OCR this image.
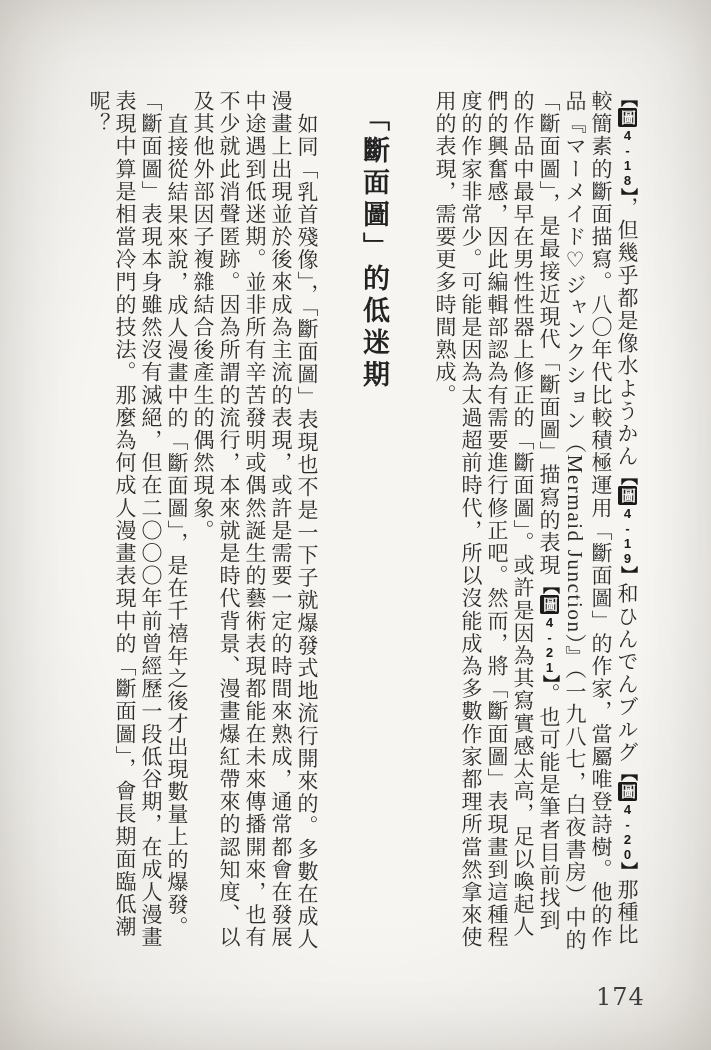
【圖4-18】，但幾乎都是像水ようかん【圖4-19】和ひんでんブルグ【圖4-20】那種比較簡素的斷面描寫。八〇年代比較積極運用「斷面圖」的作家，當屬唯登詩樹。他的作品『マーメイド♡ジャンクション（Mermaid Junction）』（一九八七，白夜書房）中的「斷面圖」，是最接近現代「斷面圖」描寫的表現【圖4-21】。也可能是筆者目前找到的作品中最早在男性性器上修正的「斷面圖」。或許是因為其寫實感太高，足以喚起人們的興奮感，因此編輯部認為有需要進行修正吧。然而，將「斷面圖」表現畫到這種程度的作家非常少。可能是因為太過超前時代，所以沒能成為多數作家都理所當然拿來使用的表現，需要更多時間熟成。

「斷面圖」的低迷期

如同「乳首殘像」，「斷面圖」表現也不是一下子就爆發式地流行開來的。多數在成人漫畫上出現並於後來成為主流的表現，或許是需要一定的時間來熟成，通常都會在發展中途遇到低迷期。並非所有辛苦發明或偶然誕生的藝術表現都能在未來傳播開來，也有不少就此消聲匿跡。因為所謂的流行，本來就是時代背景、漫畫爆紅帶來的認知度、以及其他外部因子複雜結合後產生的偶然現象。

直接從結果來說，成人漫畫中的「斷面圖」，是在千禧年之後才出現數量上的爆發。「斷面圖」表現本身雖然沒有滅絕，但在二〇〇〇年前曾經歷一段低谷期，在成人漫畫表現中算是相當冷門的技法。那麼為何成人漫畫表現中的「斷面圖」，會長期面臨低潮呢？

174
